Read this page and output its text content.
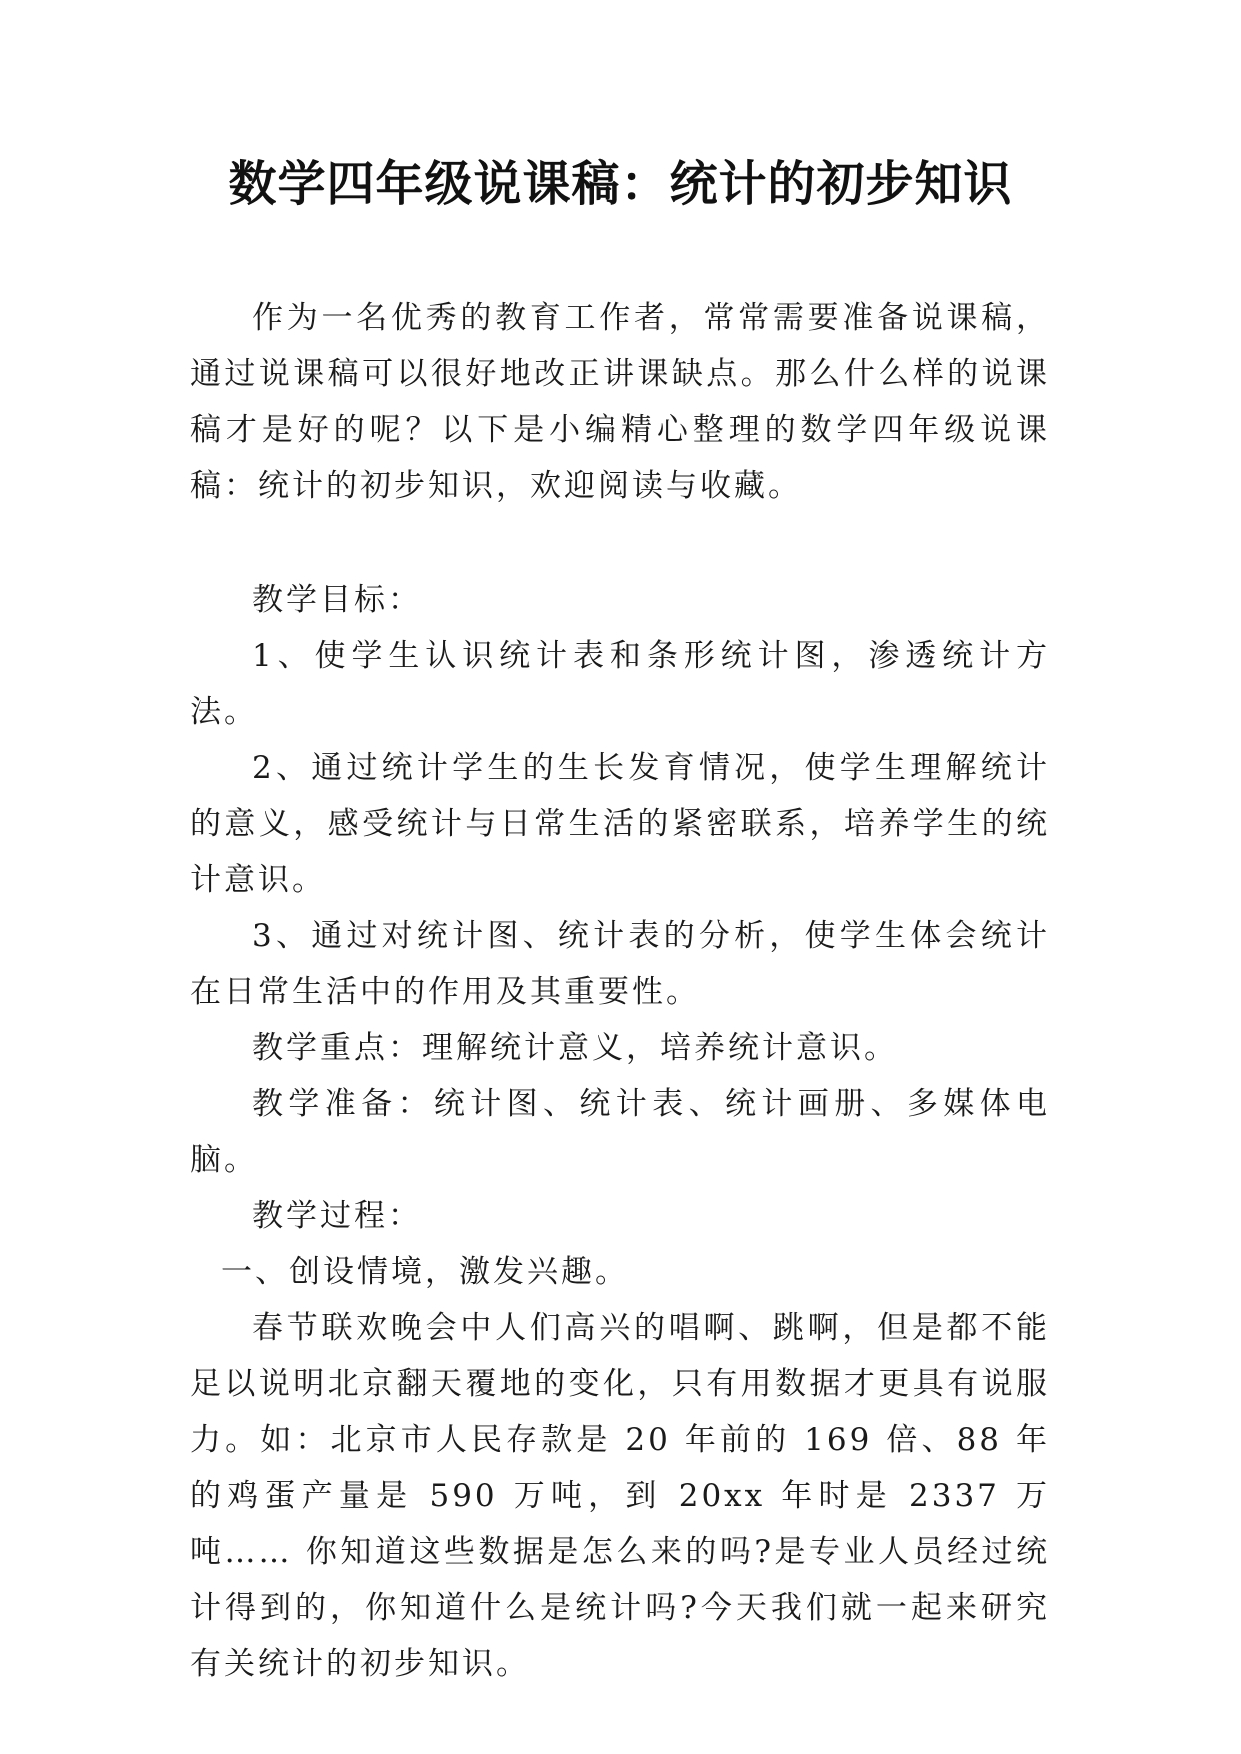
数学四年级说课稿：统计的初步知识

作为一名优秀的教育工作者，常常需要准备说课稿，通过说课稿可以很好地改正讲课缺点。那么什么样的说课稿才是好的呢？以下是小编精心整理的数学四年级说课稿：统计的初步知识，欢迎阅读与收藏。

教学目标：

1、使学生认识统计表和条形统计图，渗透统计方法。

2、通过统计学生的生长发育情况，使学生理解统计的意义，感受统计与日常生活的紧密联系，培养学生的统计意识。

3、通过对统计图、统计表的分析，使学生体会统计在日常生活中的作用及其重要性。

教学重点：理解统计意义，培养统计意识。

教学准备：统计图、统计表、统计画册、多媒体电脑。

教学过程：

一、创设情境，激发兴趣。

春节联欢晚会中人们高兴的唱啊、跳啊，但是都不能足以说明北京翻天覆地的变化，只有用数据才更具有说服力。如：北京市人民存款是 20 年前的 169 倍、88 年的鸡蛋产量是 590 万吨，到 20xx 年时是 2337 万吨…… 你知道这些数据是怎么来的吗?是专业人员经过统计得到的，你知道什么是统计吗?今天我们就一起来研究有关统计的初步知识。
